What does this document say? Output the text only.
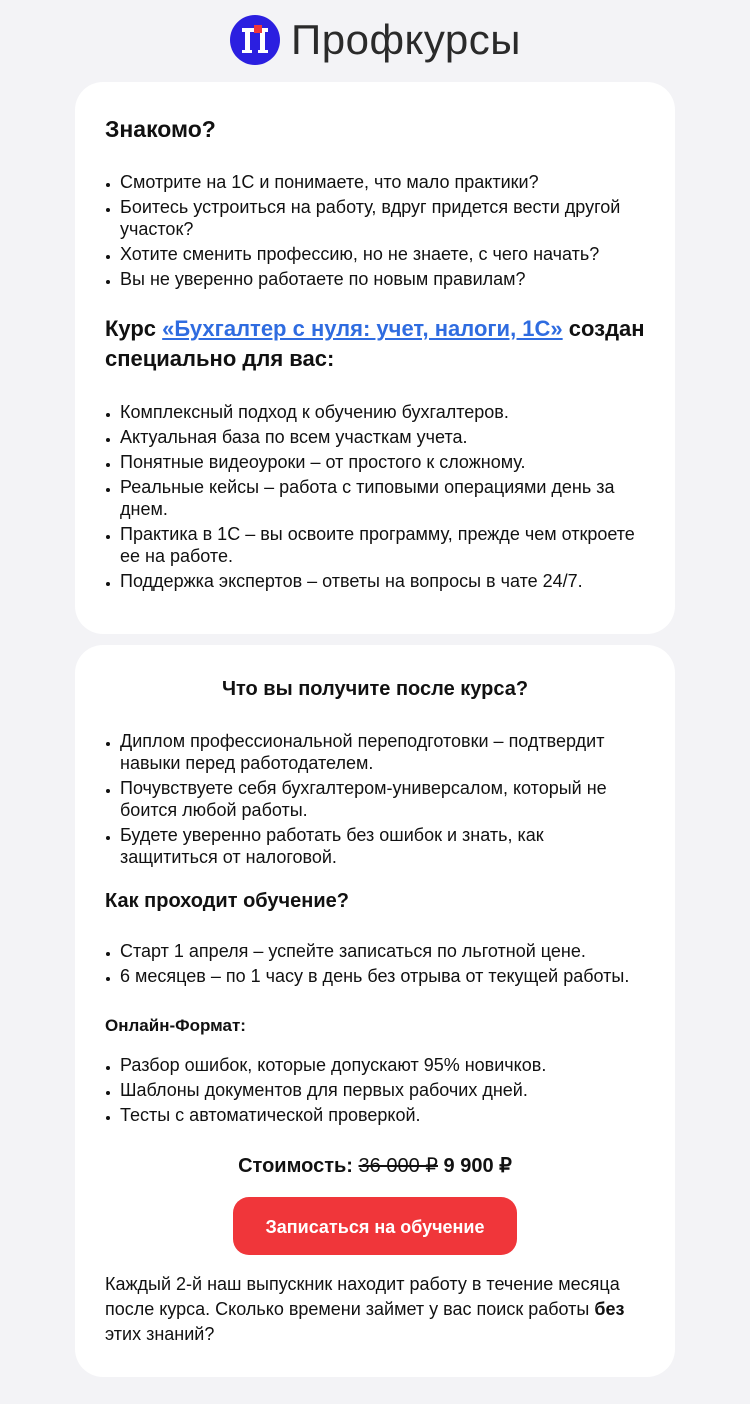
Профкурсы

Знакомо?

• Смотрите на 1С и понимаете, что мало практики?
• Боитесь устроиться на работу, вдруг придется вести другой участок?
• Хотите сменить профессию, но не знаете, с чего начать?
• Вы не уверенно работаете по новым правилам?

Курс «Бухгалтер с нуля: учет, налоги, 1С» создан специально для вас:

• Комплексный подход к обучению бухгалтеров.
• Актуальная база по всем участкам учета.
• Понятные видеоуроки – от простого к сложному.
• Реальные кейсы – работа с типовыми операциями день за днем.
• Практика в 1С – вы освоите программу, прежде чем откроете ее на работе.
• Поддержка экспертов – ответы на вопросы в чате 24/7.

Что вы получите после курса?

• Диплом профессиональной переподготовки – подтвердит навыки перед работодателем.
• Почувствуете себя бухгалтером-универсалом, который не боится любой работы.
• Будете уверенно работать без ошибок и знать, как защититься от налоговой.

Как проходит обучение?

• Старт 1 апреля – успейте записаться по льготной цене.
• 6 месяцев – по 1 часу в день без отрыва от текущей работы.

Онлайн-Формат:

• Разбор ошибок, которые допускают 95% новичков.
• Шаблоны документов для первых рабочих дней.
• Тесты с автоматической проверкой.

Стоимость: 36 000 ₽ 9 900 ₽

Записаться на обучение

Каждый 2-й наш выпускник находит работу в течение месяца после курса. Сколько времени займет у вас поиск работы без этих знаний?
